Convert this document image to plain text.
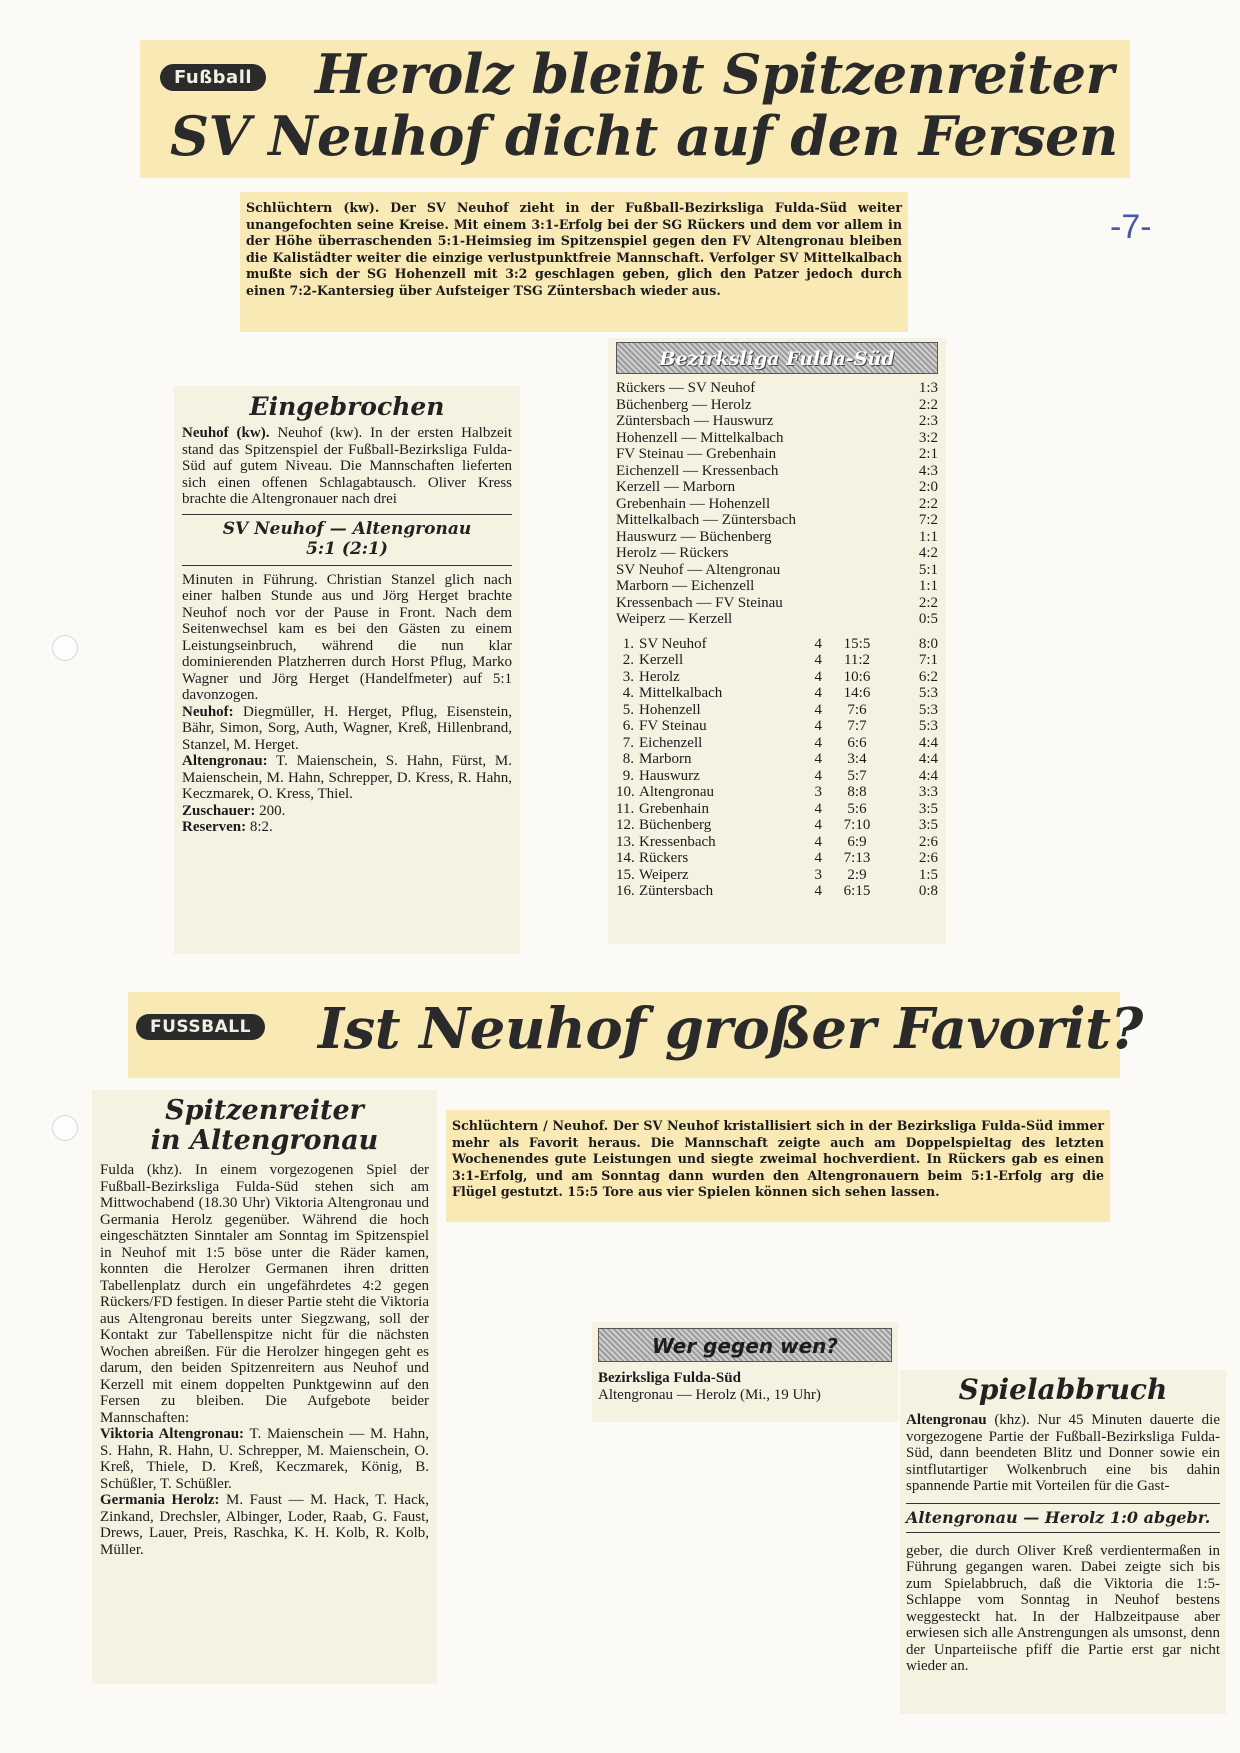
-7-
Fußball Herolz bleibt Spitzenreiter
SV Neuhof dicht auf den Fersen
Schlüchtern (kw). Der SV Neuhof zieht in der Fußball-Bezirksliga Fulda-Süd weiter unangefochten seine Kreise. Mit einem 3:1-Erfolg bei der SG Rückers und dem vor allem in der Höhe überraschenden 5:1-Heimsieg im Spitzenspiel gegen den FV Altengronau bleiben die Kalistädter weiter die einzige verlustpunktfreie Mannschaft. Verfolger SV Mittelkalbach mußte sich der SG Hohenzell mit 3:2 geschlagen geben, glich den Patzer jedoch durch einen 7:2-Kantersieg über Aufsteiger TSG Züntersbach wieder aus.
Eingebrochen
Neuhof (kw). Neuhof (kw). In der ersten Halbzeit stand das Spitzenspiel der Fußball-Bezirksliga Fulda-Süd auf gutem Niveau. Die Mannschaften lieferten sich einen offenen Schlagabtausch. Oliver Kress brachte die Altengronauer nach drei
SV Neuhof — Altengronau
5:1 (2:1)
Minuten in Führung. Christian Stanzel glich nach einer halben Stunde aus und Jörg Herget brachte Neuhof noch vor der Pause in Front. Nach dem Seitenwechsel kam es bei den Gästen zu einem Leistungseinbruch, während die nun klar dominierenden Platzherren durch Horst Pflug, Marko Wagner und Jörg Herget (Handelfmeter) auf 5:1 davonzogen.
Neuhof: Diegmüller, H. Herget, Pflug, Eisenstein, Bähr, Simon, Sorg, Auth, Wagner, Kreß, Hillenbrand, Stanzel, M. Herget.
Altengronau: T. Maienschein, S. Hahn, Fürst, M. Maienschein, M. Hahn, Schrepper, D. Kress, R. Hahn, Keczmarek, O. Kress, Thiel.
Zuschauer: 200.
Reserven: 8:2.
Bezirksliga Fulda-Süd
Rückers — SV Neuhof	1:3
Büchenberg — Herolz	2:2
Züntersbach — Hauswurz	2:3
Hohenzell — Mittelkalbach	3:2
FV Steinau — Grebenhain	2:1
Eichenzell — Kressenbach	4:3
Kerzell — Marborn	2:0
Grebenhain — Hohenzell	2:2
Mittelkalbach — Züntersbach	7:2
Hauswurz — Büchenberg	1:1
Herolz — Rückers	4:2
SV Neuhof — Altengronau	5:1
Marborn — Eichenzell	1:1
Kressenbach — FV Steinau	2:2
Weiperz — Kerzell	0:5
1. SV Neuhof	4	15:5	8:0
2. Kerzell	4	11:2	7:1
3. Herolz	4	10:6	6:2
4. Mittelkalbach	4	14:6	5:3
5. Hohenzell	4	7:6	5:3
6. FV Steinau	4	7:7	5:3
7. Eichenzell	4	6:6	4:4
8. Marborn	4	3:4	4:4
9. Hauswurz	4	5:7	4:4
10. Altengronau	3	8:8	3:3
11. Grebenhain	4	5:6	3:5
12. Büchenberg	4	7:10	3:5
13. Kressenbach	4	6:9	2:6
14. Rückers	4	7:13	2:6
15. Weiperz	3	2:9	1:5
16. Züntersbach	4	6:15	0:8
FUSSBALL Ist Neuhof großer Favorit?
Spitzenreiter
in Altengronau
Fulda (khz). In einem vorgezogenen Spiel der Fußball-Bezirksliga Fulda-Süd stehen sich am Mittwochabend (18.30 Uhr) Viktoria Altengronau und Germania Herolz gegenüber. Während die hoch eingeschätzten Sinntaler am Sonntag im Spitzenspiel in Neuhof mit 1:5 böse unter die Räder kamen, konnten die Herolzer Germanen ihren dritten Tabellenplatz durch ein ungefährdetes 4:2 gegen Rückers/FD festigen. In dieser Partie steht die Viktoria aus Altengronau bereits unter Siegzwang, soll der Kontakt zur Tabellenspitze nicht für die nächsten Wochen abreißen. Für die Herolzer hingegen geht es darum, den beiden Spitzenreitern aus Neuhof und Kerzell mit einem doppelten Punktgewinn auf den Fersen zu bleiben. Die Aufgebote beider Mannschaften:
Viktoria Altengronau: T. Maienschein — M. Hahn, S. Hahn, R. Hahn, U. Schrepper, M. Maienschein, O. Kreß, Thiele, D. Kreß, Keczmarek, König, B. Schüßler, T. Schüßler.
Germania Herolz: M. Faust — M. Hack, T. Hack, Zinkand, Drechsler, Albinger, Loder, Raab, G. Faust, Drews, Lauer, Preis, Raschka, K. H. Kolb, R. Kolb, Müller.
Schlüchtern / Neuhof. Der SV Neuhof kristallisiert sich in der Bezirksliga Fulda-Süd immer mehr als Favorit heraus. Die Mannschaft zeigte auch am Doppelspieltag des letzten Wochenendes gute Leistungen und siegte zweimal hochverdient. In Rückers gab es einen 3:1-Erfolg, und am Sonntag dann wurden den Altengronauern beim 5:1-Erfolg arg die Flügel gestutzt. 15:5 Tore aus vier Spielen können sich sehen lassen.
Wer gegen wen?
Bezirksliga Fulda-Süd
Altengronau — Herolz (Mi., 19 Uhr)	Spielabbruch
Altengronau (khz). Nur 45 Minuten dauerte die vorgezogene Partie der Fußball-Bezirksliga Fulda-Süd, dann beendeten Blitz und Donner sowie ein sintflutartiger Wolkenbruch eine bis dahin spannende Partie mit Vorteilen für die Gast-
Altengronau — Herolz 1:0 abgebr.
geber, die durch Oliver Kreß verdientermaßen in Führung gegangen waren. Dabei zeigte sich bis zum Spielabbruch, daß die Viktoria die 1:5-Schlappe vom Sonntag in Neuhof bestens weggesteckt hat. In der Halbzeitpause aber erwiesen sich alle Anstrengungen als umsonst, denn der Unparteiische pfiff die Partie erst gar nicht wieder an.
